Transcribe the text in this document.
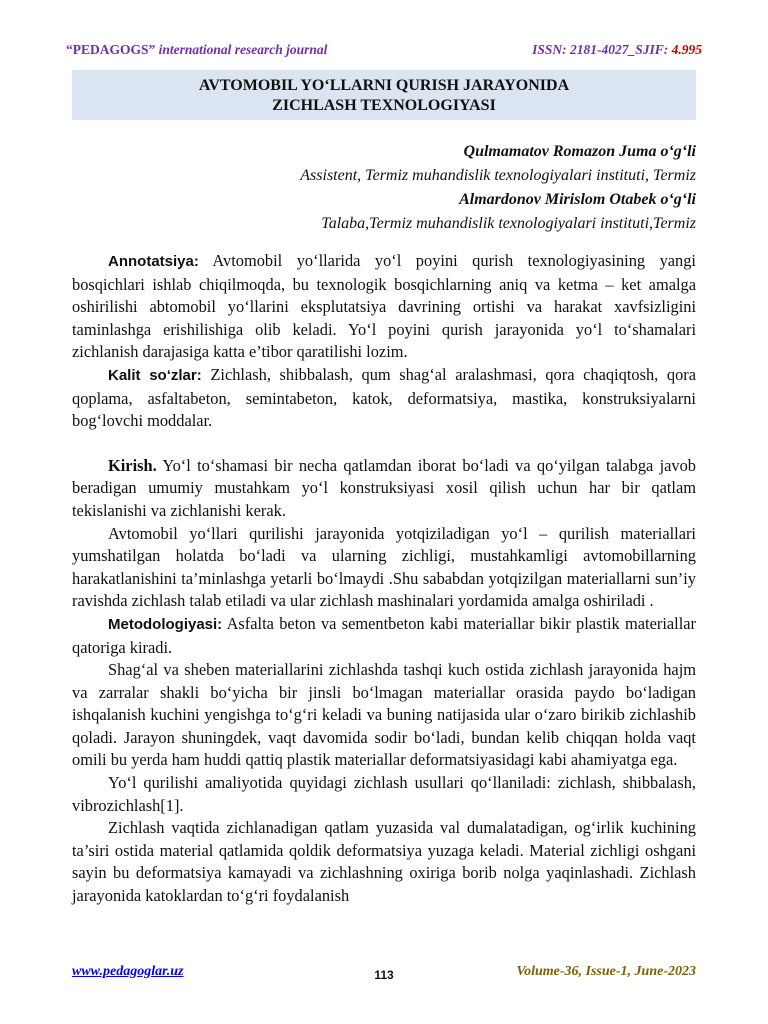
“PEDAGOGS” international research journal	ISSN: 2181-4027_SJIF: 4.995
AVTOMOBIL YO‘LLARNI QURISH JARAYONIDA
ZICHLASH TEXNOLOGIYASI
Qulmamatov Romazon Juma o‘g‘li
Assistent, Termiz muhandislik texnologiyalari instituti, Termiz
Almardonov Mirislom Otabek o‘g‘li
Talaba,Termiz muhandislik texnologiyalari instituti,Termiz

Annotatsiya: Avtomobil yo‘llarida yo‘l poyini qurish texnologiyasining yangi bosqichlari ishlab chiqilmoqda, bu texnologik bosqichlarning aniq va ketma – ket amalga oshirilishi abtomobil yo‘llarini eksplutatsiya davrining ortishi va harakat xavfsizligini taminlashga erishilishiga olib keladi. Yo‘l poyini qurish jarayonida yo‘l to‘shamalari zichlanish darajasiga katta e’tibor qaratilishi lozim.

Kalit so‘zlar: Zichlash, shibbalash, qum shag‘al aralashmasi, qora chaqiqtosh, qora qoplama, asfaltabeton, semintabeton, katok, deformatsiya, mastika, konstruksiyalarni bog‘lovchi moddalar.

Kirish. Yo‘l to‘shamasi bir necha qatlamdan iborat bo‘ladi va qo‘yilgan talabga javob beradigan umumiy mustahkam yo‘l konstruksiyasi xosil qilish uchun har bir qatlam tekislanishi va zichlanishi kerak.

Avtomobil yo‘llari qurilishi jarayonida yotqiziladigan yo‘l – qurilish materiallari yumshatilgan holatda bo‘ladi va ularning zichligi, mustahkamligi avtomobillarning harakatlanishini ta’minlashga yetarli bo‘lmaydi .Shu sababdan yotqizilgan materiallarni sun’iy ravishda zichlash talab etiladi va ular zichlash mashinalari yordamida amalga oshiriladi .

Metodologiyasi: Asfalta beton va sementbeton kabi materiallar bikir plastik materiallar qatoriga kiradi.

Shag‘al va sheben materiallarini zichlashda tashqi kuch ostida zichlash jarayonida hajm va zarralar shakli bo‘yicha bir jinsli bo‘lmagan materiallar orasida paydo bo‘ladigan ishqalanish kuchini yengishga to‘g‘ri keladi va buning natijasida ular o‘zaro birikib zichlashib qoladi. Jarayon shuningdek, vaqt davomida sodir bo‘ladi, bundan kelib chiqqan holda vaqt omili bu yerda ham huddi qattiq plastik materiallar deformatsiyasidagi kabi ahamiyatga ega.

Yo‘l qurilishi amaliyotida quyidagi zichlash usullari qo‘llaniladi: zichlash, shibbalash, vibrozichlash[1].

Zichlash vaqtida zichlanadigan qatlam yuzasida val dumalatadigan, og‘irlik kuchining ta’siri ostida material qatlamida qoldik deformatsiya yuzaga keladi. Material zichligi oshgani sayin bu deformatsiya kamayadi va zichlashning oxiriga borib nolga yaqinlashadi. Zichlash jarayonida katoklardan to‘g‘ri foydalanish

www.pedagoglar.uz	113	Volume-36, Issue-1, June-2023
